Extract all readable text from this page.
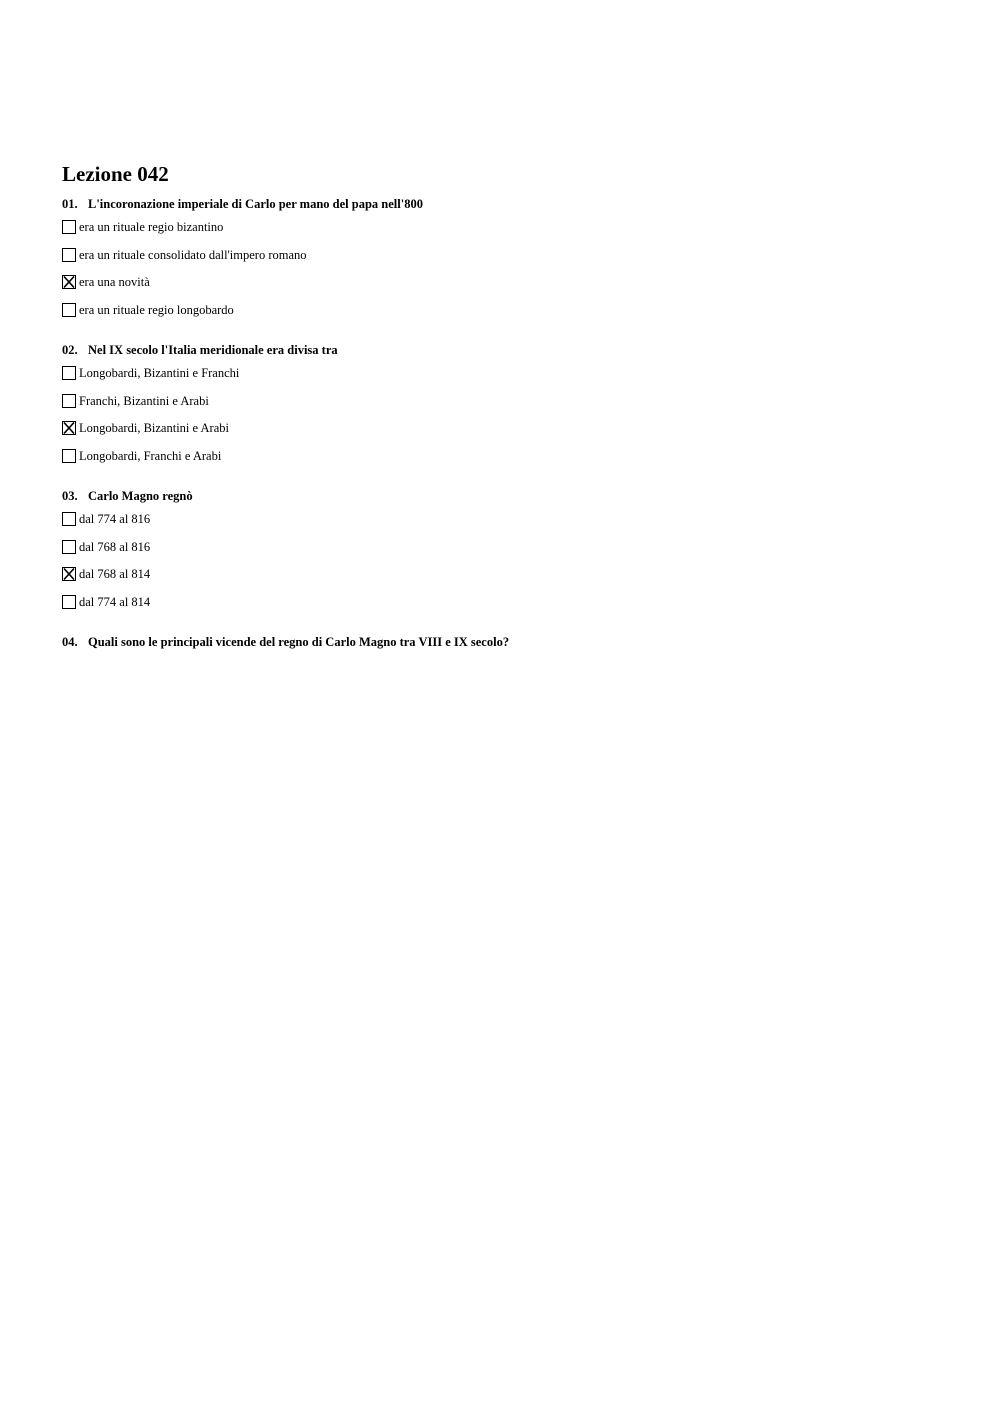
Lezione 042
01. L'incoronazione imperiale di Carlo per mano del papa nell'800
era un rituale regio bizantino
era un rituale consolidato dall'impero romano
era una novità
era un rituale regio longobardo
02. Nel IX secolo l'Italia meridionale era divisa tra
Longobardi, Bizantini e Franchi
Franchi, Bizantini e Arabi
Longobardi, Bizantini e Arabi
Longobardi, Franchi e Arabi
03. Carlo Magno regnò
dal 774 al 816
dal 768 al 816
dal 768 al 814
dal 774 al 814
04. Quali sono le principali vicende del regno di Carlo Magno tra VIII e IX secolo?
